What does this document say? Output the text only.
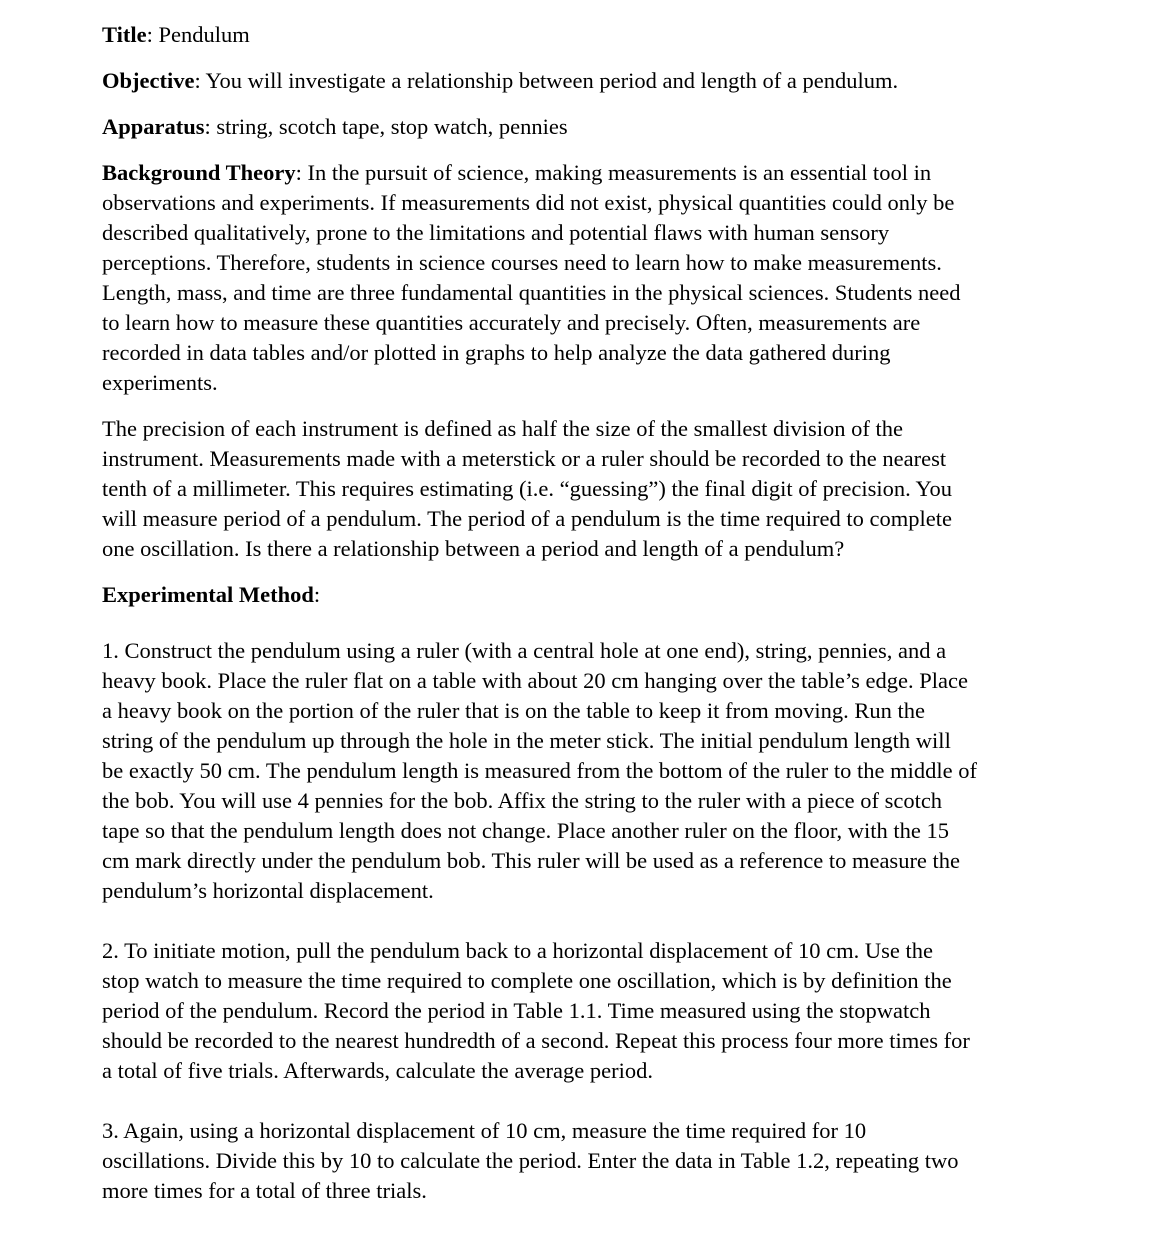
Title: Pendulum

Objective: You will investigate a relationship between period and length of a pendulum.

Apparatus: string, scotch tape, stop watch, pennies

Background Theory: In the pursuit of science, making measurements is an essential tool in
observations and experiments. If measurements did not exist, physical quantities could only be
described qualitatively, prone to the limitations and potential flaws with human sensory
perceptions. Therefore, students in science courses need to learn how to make measurements.
Length, mass, and time are three fundamental quantities in the physical sciences. Students need
to learn how to measure these quantities accurately and precisely. Often, measurements are
recorded in data tables and/or plotted in graphs to help analyze the data gathered during
experiments.
The precision of each instrument is defined as half the size of the smallest division of the
instrument. Measurements made with a meterstick or a ruler should be recorded to the nearest
tenth of a millimeter. This requires estimating (i.e. “guessing”) the final digit of precision. You
will measure period of a pendulum. The period of a pendulum is the time required to complete
one oscillation. Is there a relationship between a period and length of a pendulum?

Experimental Method:

1. Construct the pendulum using a ruler (with a central hole at one end), string, pennies, and a
heavy book. Place the ruler flat on a table with about 20 cm hanging over the table’s edge. Place
a heavy book on the portion of the ruler that is on the table to keep it from moving. Run the
string of the pendulum up through the hole in the meter stick. The initial pendulum length will
be exactly 50 cm. The pendulum length is measured from the bottom of the ruler to the middle of
the bob. You will use 4 pennies for the bob. Affix the string to the ruler with a piece of scotch
tape so that the pendulum length does not change. Place another ruler on the floor, with the 15
cm mark directly under the pendulum bob. This ruler will be used as a reference to measure the
pendulum’s horizontal displacement.
2. To initiate motion, pull the pendulum back to a horizontal displacement of 10 cm. Use the
stop watch to measure the time required to complete one oscillation, which is by definition the
period of the pendulum. Record the period in Table 1.1. Time measured using the stopwatch
should be recorded to the nearest hundredth of a second. Repeat this process four more times for
a total of five trials. Afterwards, calculate the average period.
3. Again, using a horizontal displacement of 10 cm, measure the time required for 10
oscillations. Divide this by 10 to calculate the period. Enter the data in Table 1.2, repeating two
more times for a total of three trials.
